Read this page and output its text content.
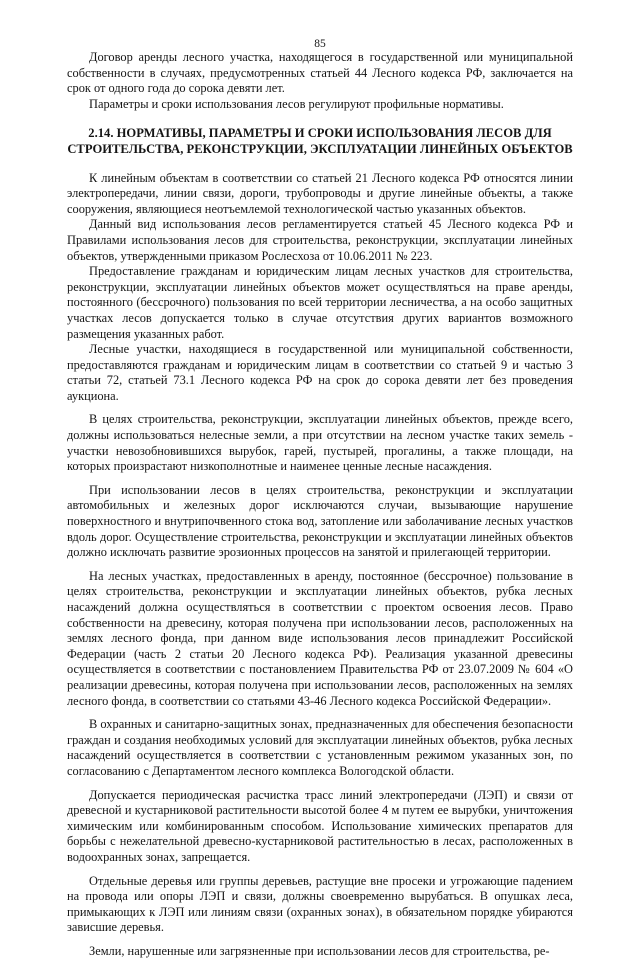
85

Договор аренды лесного участка, находящегося в государственной или муниципальной собственности в случаях, предусмотренных статьей 44 Лесного кодекса РФ, заключается на срок от одного года до сорока девяти лет.

Параметры и сроки использования лесов регулируют профильные нормативы.

2.14. НОРМАТИВЫ, ПАРАМЕТРЫ И СРОКИ ИСПОЛЬЗОВАНИЯ ЛЕСОВ ДЛЯ СТРОИТЕЛЬСТВА, РЕКОНСТРУКЦИИ, ЭКСПЛУАТАЦИИ ЛИНЕЙНЫХ ОБЪЕКТОВ

К линейным объектам в соответствии со статьей 21 Лесного кодекса РФ относятся линии электропередачи, линии связи, дороги, трубопроводы и другие линейные объекты, а также сооружения, являющиеся неотъемлемой технологической частью указанных объектов.

Данный вид использования лесов регламентируется статьей 45 Лесного кодекса РФ и Правилами использования лесов для строительства, реконструкции, эксплуатации линейных объектов, утвержденными приказом Рослесхоза от 10.06.2011 № 223.

Предоставление гражданам и юридическим лицам лесных участков для строительства, реконструкции, эксплуатации линейных объектов может осуществляться на праве аренды, постоянного (бессрочного) пользования по всей территории лесничества, а на особо защитных участках лесов допускается только в случае отсутствия других вариантов возможного размещения указанных работ.

Лесные участки, находящиеся в государственной или муниципальной собственности, предоставляются гражданам и юридическим лицам в соответствии со статьей 9 и частью 3 статьи 72, статьей 73.1 Лесного кодекса РФ на срок до сорока девяти лет без проведения аукциона.

В целях строительства, реконструкции, эксплуатации линейных объектов, прежде всего, должны использоваться нелесные земли, а при отсутствии на лесном участке таких земель - участки невозобновившихся вырубок, гарей, пустырей, прогалины, а также площади, на которых произрастают низкополнотные и наименее ценные лесные насаждения.

При использовании лесов в целях строительства, реконструкции и эксплуатации автомобильных и железных дорог исключаются случаи, вызывающие нарушение поверхностного и внутрипочвенного стока вод, затопление или заболачивание лесных участков вдоль дорог. Осуществление строительства, реконструкции и эксплуатации линейных объектов должно исключать развитие эрозионных процессов на занятой и прилегающей территории.

На лесных участках, предоставленных в аренду, постоянное (бессрочное) пользование в целях строительства, реконструкции и эксплуатации линейных объектов, рубка лесных насаждений должна осуществляться в соответствии с проектом освоения лесов. Право собственности на древесину, которая получена при использовании лесов, расположенных на землях лесного фонда, при данном виде использования лесов принадлежит Российской Федерации (часть 2 статьи 20 Лесного кодекса РФ). Реализация указанной древесины осуществляется в соответствии с постановлением Правительства РФ от 23.07.2009 № 604 «О реализации древесины, которая получена при использовании лесов, расположенных на землях лесного фонда, в соответствии со статьями 43-46 Лесного кодекса Российской Федерации».

В охранных и санитарно-защитных зонах, предназначенных для обеспечения безопасности граждан и создания необходимых условий для эксплуатации линейных объектов, рубка лесных насаждений осуществляется в соответствии с установленным режимом указанных зон, по согласованию с Департаментом лесного комплекса Вологодской области.

Допускается периодическая расчистка трасс линий электропередачи (ЛЭП) и связи от древесной и кустарниковой растительности высотой более 4 м путем ее вырубки, уничтожения химическим или комбинированным способом. Использование химических препаратов для борьбы с нежелательной древесно-кустарниковой растительностью в лесах, расположенных в водоохранных зонах, запрещается.

Отдельные деревья или группы деревьев, растущие вне просеки и угрожающие падением на провода или опоры ЛЭП и связи, должны своевременно вырубаться. В опушках леса, примыкающих к ЛЭП или линиям связи (охранных зонах), в обязательном порядке убираются зависшие деревья.

Земли, нарушенные или загрязненные при использовании лесов для строительства, ре-
